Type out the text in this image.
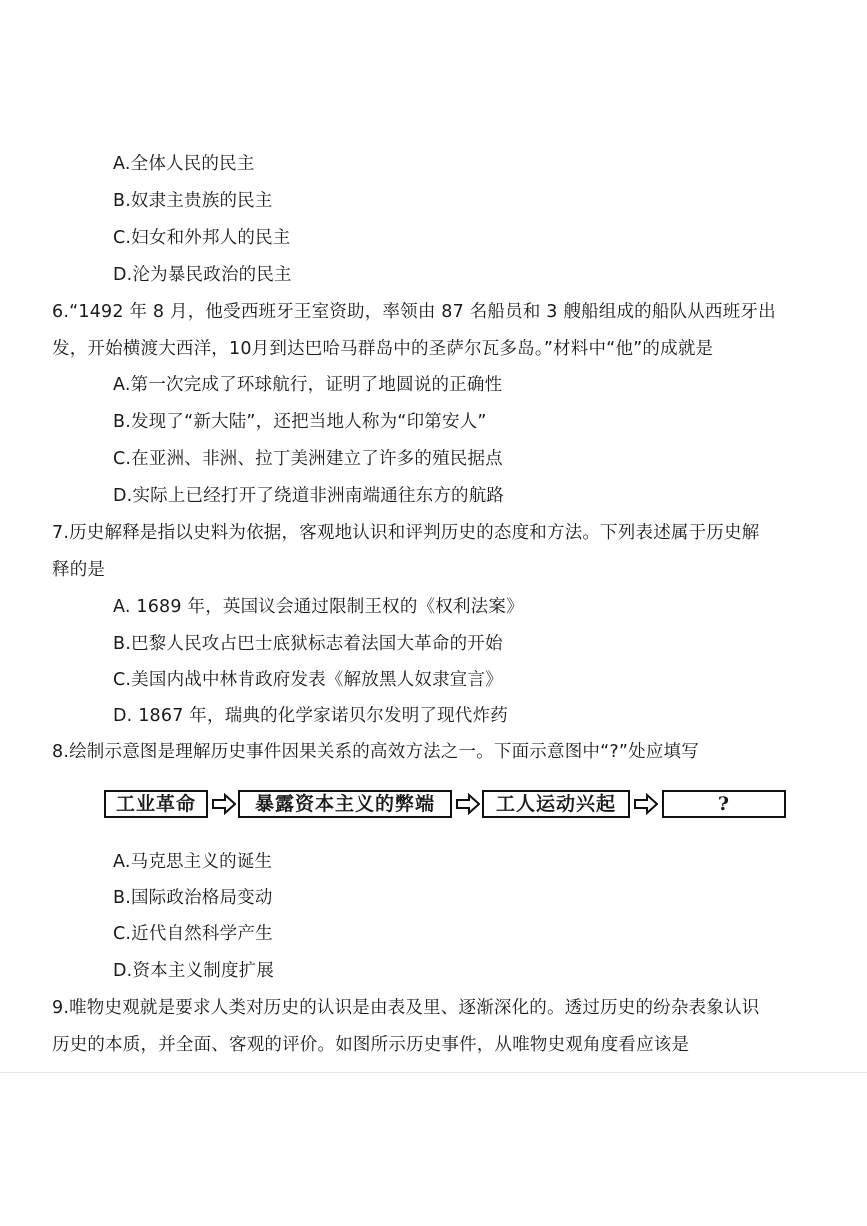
A.全体人民的民主
B.奴隶主贵族的民主
C.妇女和外邦人的民主
D.沦为暴民政治的民主
6.“1492 年 8 月，他受西班牙王室资助，率领由 87 名船员和 3 艘船组成的船队从西班牙出
发，开始横渡大西洋，10月到达巴哈马群岛中的圣萨尔瓦多岛。”材料中“他”的成就是
A.第一次完成了环球航行，证明了地圆说的正确性
B.发现了“新大陆”，还把当地人称为“印第安人”
C.在亚洲、非洲、拉丁美洲建立了许多的殖民据点
D.实际上已经打开了绕道非洲南端通往东方的航路
7.历史解释是指以史料为依据，客观地认识和评判历史的态度和方法。下列表述属于历史解
释的是
A. 1689 年，英国议会通过限制王权的《权利法案》
B.巴黎人民攻占巴士底狱标志着法国大革命的开始
C.美国内战中林肯政府发表《解放黑人奴隶宣言》
D. 1867 年，瑞典的化学家诺贝尔发明了现代炸药
8.绘制示意图是理解历史事件因果关系的高效方法之一。下面示意图中“?”处应填写
工业革命	暴露资本主义的弊端	工人运动兴起	?
A.马克思主义的诞生
B.国际政治格局变动
C.近代自然科学产生
D.资本主义制度扩展
9.唯物史观就是要求人类对历史的认识是由表及里、逐渐深化的。透过历史的纷杂表象认识
历史的本质，并全面、客观的评价。如图所示历史事件，从唯物史观角度看应该是
